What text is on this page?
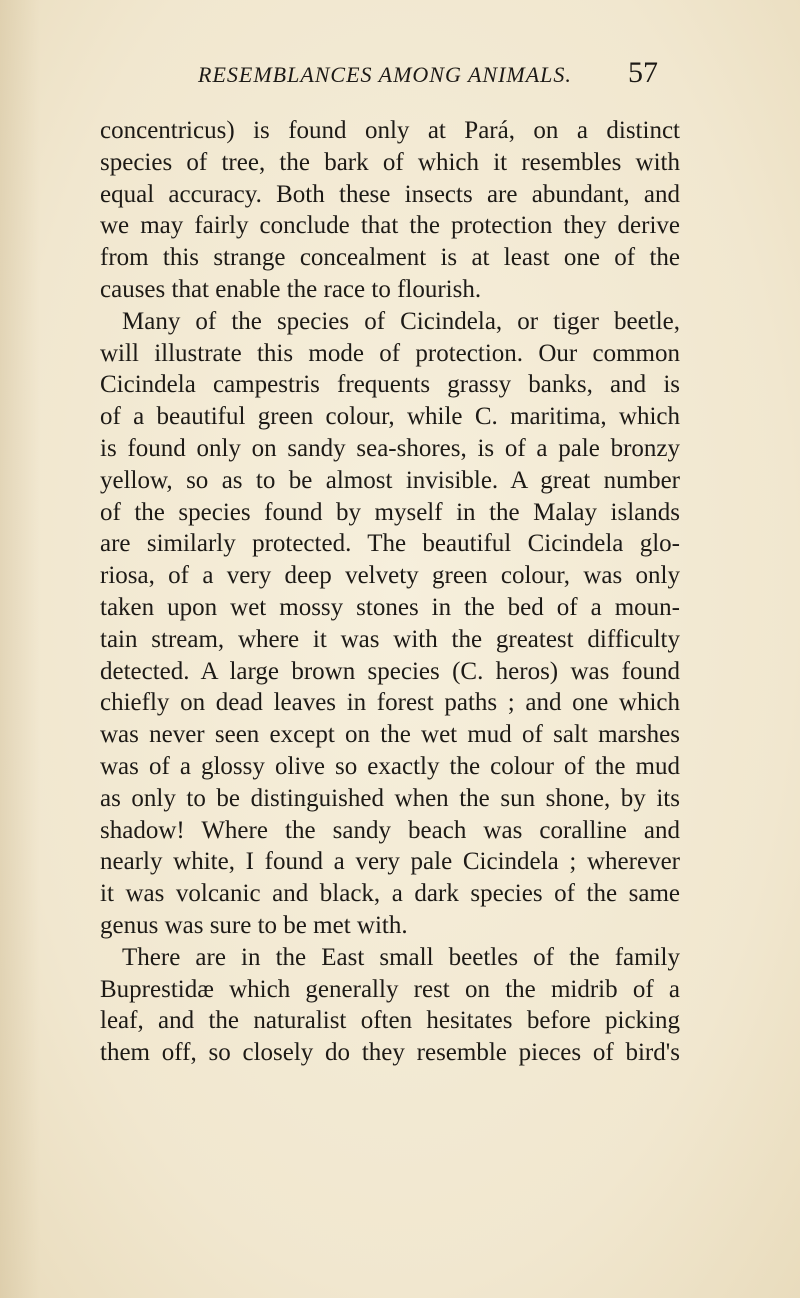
RESEMBLANCES AMONG ANIMALS. 57
concentricus) is found only at Pará, on a distinct
species of tree, the bark of which it resembles with
equal accuracy. Both these insects are abundant, and
we may fairly conclude that the protection they derive
from this strange concealment is at least one of the
causes that enable the race to flourish.
Many of the species of Cicindela, or tiger beetle,
will illustrate this mode of protection. Our common
Cicindela campestris frequents grassy banks, and is
of a beautiful green colour, while C. maritima, which
is found only on sandy sea-shores, is of a pale bronzy
yellow, so as to be almost invisible. A great number
of the species found by myself in the Malay islands
are similarly protected. The beautiful Cicindela glo-
riosa, of a very deep velvety green colour, was only
taken upon wet mossy stones in the bed of a moun-
tain stream, where it was with the greatest difficulty
detected. A large brown species (C. heros) was found
chiefly on dead leaves in forest paths ; and one which
was never seen except on the wet mud of salt marshes
was of a glossy olive so exactly the colour of the mud
as only to be distinguished when the sun shone, by its
shadow! Where the sandy beach was coralline and
nearly white, I found a very pale Cicindela ; wherever
it was volcanic and black, a dark species of the same
genus was sure to be met with.
There are in the East small beetles of the family
Buprestidæ which generally rest on the midrib of a
leaf, and the naturalist often hesitates before picking
them off, so closely do they resemble pieces of bird's
